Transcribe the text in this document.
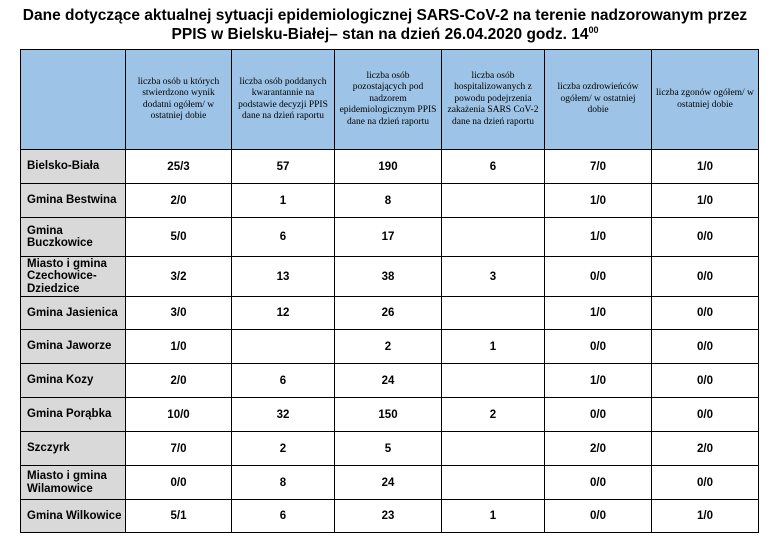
Dane dotyczące aktualnej sytuacji epidemiologicznej SARS-CoV-2 na terenie nadzorowanym przez
PPIS w Bielsku-Białej– stan na dzień 26.04.2020 godz. $14^{00}$
	liczba osób u których stwierdzono wynik dodatni ogółem/ w ostatniej dobie	liczba osób poddanych kwarantannie na podstawie decyzji PPIS dane na dzień raportu	liczba osób pozostających pod nadzorem epidemiologicznym PPIS dane na dzień raportu	liczba osób hospitalizowanych z powodu podejrzenia zakażenia SARS CoV-2 dane na dzień raportu	liczba ozdrowieńców ogółem/ w ostatniej dobie	liczba zgonów ogółem/ w ostatniej dobie
Bielsko-Biała	25/3	57	190	6	7/0	1/0
Gmina Bestwina	2/0	1	8		1/0	1/0
Gmina Buczkowice	5/0	6	17		1/0	0/0
Miasto i gmina Czechowice-Dziedzice	3/2	13	38	3	0/0	0/0
Gmina Jasienica	3/0	12	26		1/0	0/0
Gmina Jaworze	1/0		2	1	0/0	0/0
Gmina Kozy	2/0	6	24		1/0	0/0
Gmina Porąbka	10/0	32	150	2	0/0	0/0
Szczyrk	7/0	2	5		2/0	2/0
Miasto i gmina Wilamowice	0/0	8	24		0/0	0/0
Gmina Wilkowice	5/1	6	23	1	0/0	1/0
